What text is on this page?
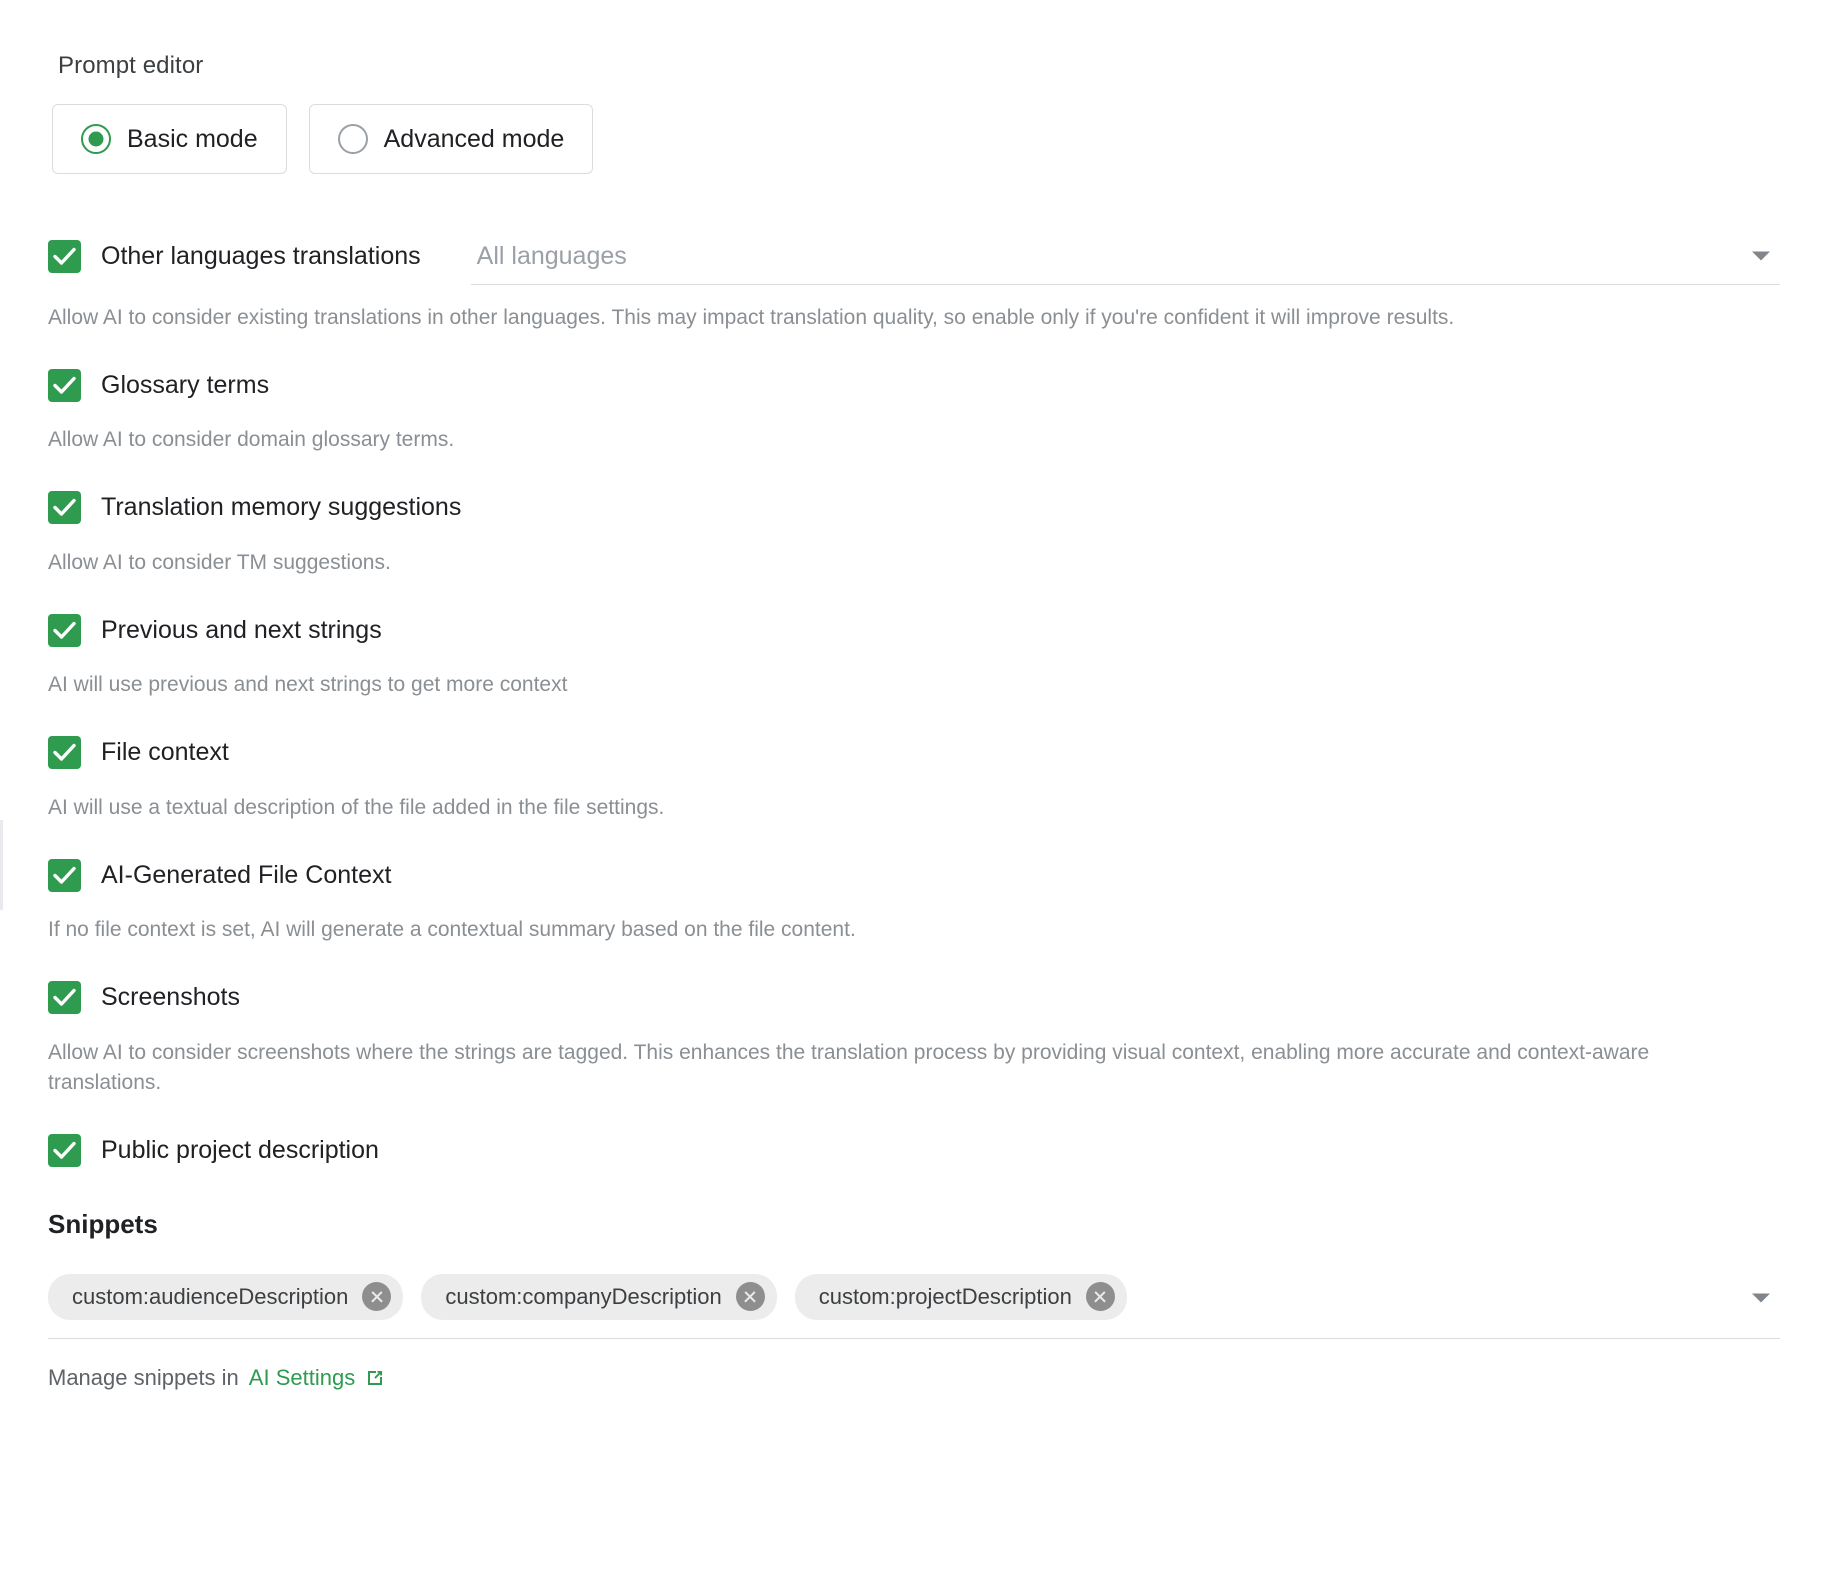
Prompt editor
Basic mode	Advanced mode
Other languages translations All languages
Allow AI to consider existing translations in other languages. This may impact translation quality, so enable only if you're confident it will improve results.
Glossary terms
Allow AI to consider domain glossary terms.
Translation memory suggestions
Allow AI to consider TM suggestions.
Previous and next strings
AI will use previous and next strings to get more context
File context
AI will use a textual description of the file added in the file settings.
AI-Generated File Context
If no file context is set, AI will generate a contextual summary based on the file content.
Screenshots
Allow AI to consider screenshots where the strings are tagged. This enhances the translation process by providing visual context, enabling more accurate and context-aware translations.
Public project description
Snippets
custom:audienceDescription	custom:companyDescription	custom:projectDescription
Manage snippets in AI Settings
